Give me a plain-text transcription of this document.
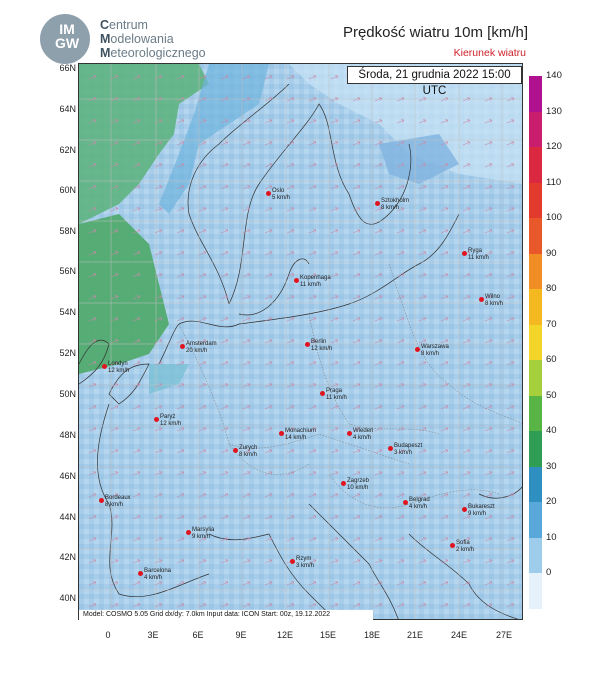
IM GW
Centrum
Modelowania
Meteorologicznego
Prędkość wiatru 10m [km/h]
Kierunek wiatru
Środa, 21 grudnia 2022 15:00 UTC
Model: COSMO 5.05 Grid dx/dy: 7.0km Input data: ICON Start: 00z, 19.12.2022
66N
64N
62N
60N
58N
56N
54N
52N
50N
48N
46N
44N
42N
40N
0	3E	6E	9E	12E	15E	18E	21E	24E	27E
140
130
120
110
100
90
80
70
60
50
40
30
20
10
0
Oslo
5 km/h
Sztokholm
8 km/h
Ryga
11 km/h
Kopenhaga
11 km/h
Wilno
8 km/h
Amsterdam
20 km/h
Berlin
12 km/h	Warszawa
8 km/h
Londyn
12 km/h
Praga
11 km/h
Paryż
12 km/h
Monachium
14 km/h
Wiedeń
4 km/h
Zurych
8 km/h
Budapeszt
3 km/h
Zagrzeb
10 km/h
Bordeaux
8 km/h
Belgrad
4 km/h	Bukareszt
9 km/h
Marsylia
9 km/h
Sofia
2 km/h
Rzym
3 km/h
Barcelona
4 km/h
